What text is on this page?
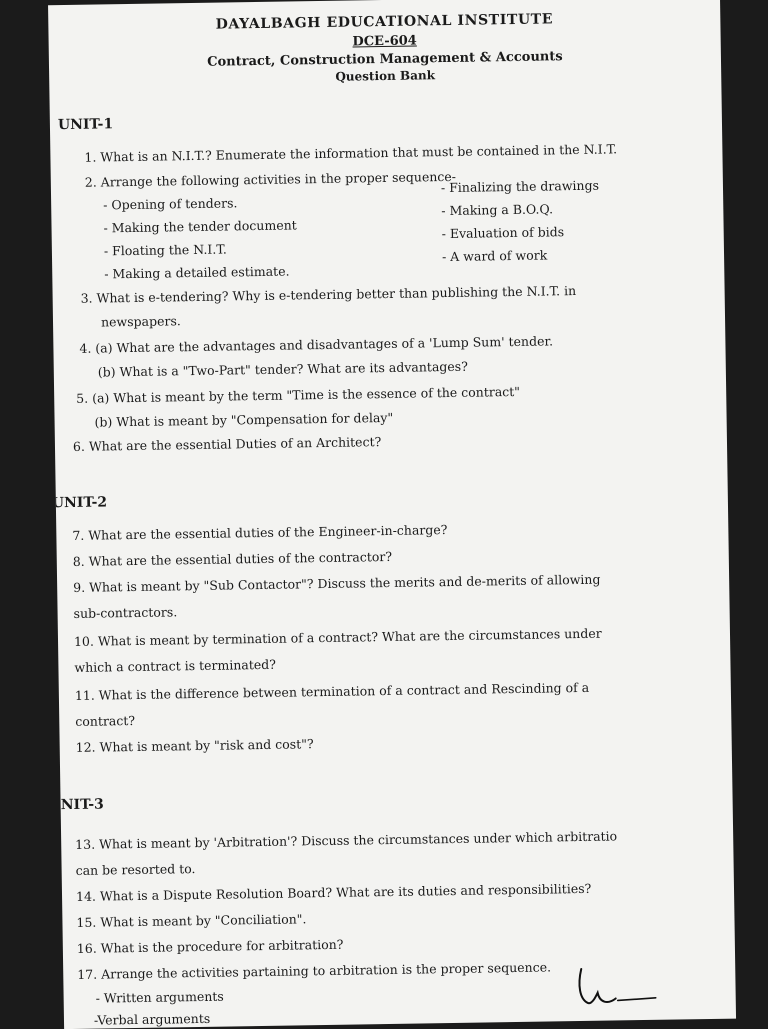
DAYALBAGH EDUCATIONAL INSTITUTE
DCE-604
Contract, Construction Management & Accounts
Question Bank
UNIT-1
1. What is an N.I.T.? Enumerate the information that must be contained in the N.I.T.
2. Arrange the following activities in the proper sequence-
- Opening of tenders.
- Making the tender document
- Floating the N.I.T.
- Making a detailed estimate.
- Finalizing the drawings
- Making a B.O.Q.
- Evaluation of bids
- A ward of work
3. What is e-tendering? Why is e-tendering better than publishing the N.I.T. in
newspapers.
4. (a) What are the advantages and disadvantages of a 'Lump Sum' tender.
(b) What is a "Two-Part" tender? What are its advantages?
5. (a) What is meant by the term "Time is the essence of the contract"
(b) What is meant by "Compensation for delay"
6. What are the essential Duties of an Architect?
UNIT-2
7. What are the essential duties of the Engineer-in-charge?
8. What are the essential duties of the contractor?
9. What is meant by "Sub Contactor"? Discuss the merits and de-merits of allowing
sub-contractors.
10. What is meant by termination of a contract? What are the circumstances under
which a contract is terminated?
11. What is the difference between termination of a contract and Rescinding of a
contract?
12. What is meant by "risk and cost"?
UNIT-3
13. What is meant by 'Arbitration'? Discuss the circumstances under which arbitratio
can be resorted to.
14. What is a Dispute Resolution Board? What are its duties and responsibilities?
15. What is meant by "Conciliation".
16. What is the procedure for arbitration?
17. Arrange the activities partaining to arbitration is the proper sequence.
- Written arguments
-Verbal arguments
